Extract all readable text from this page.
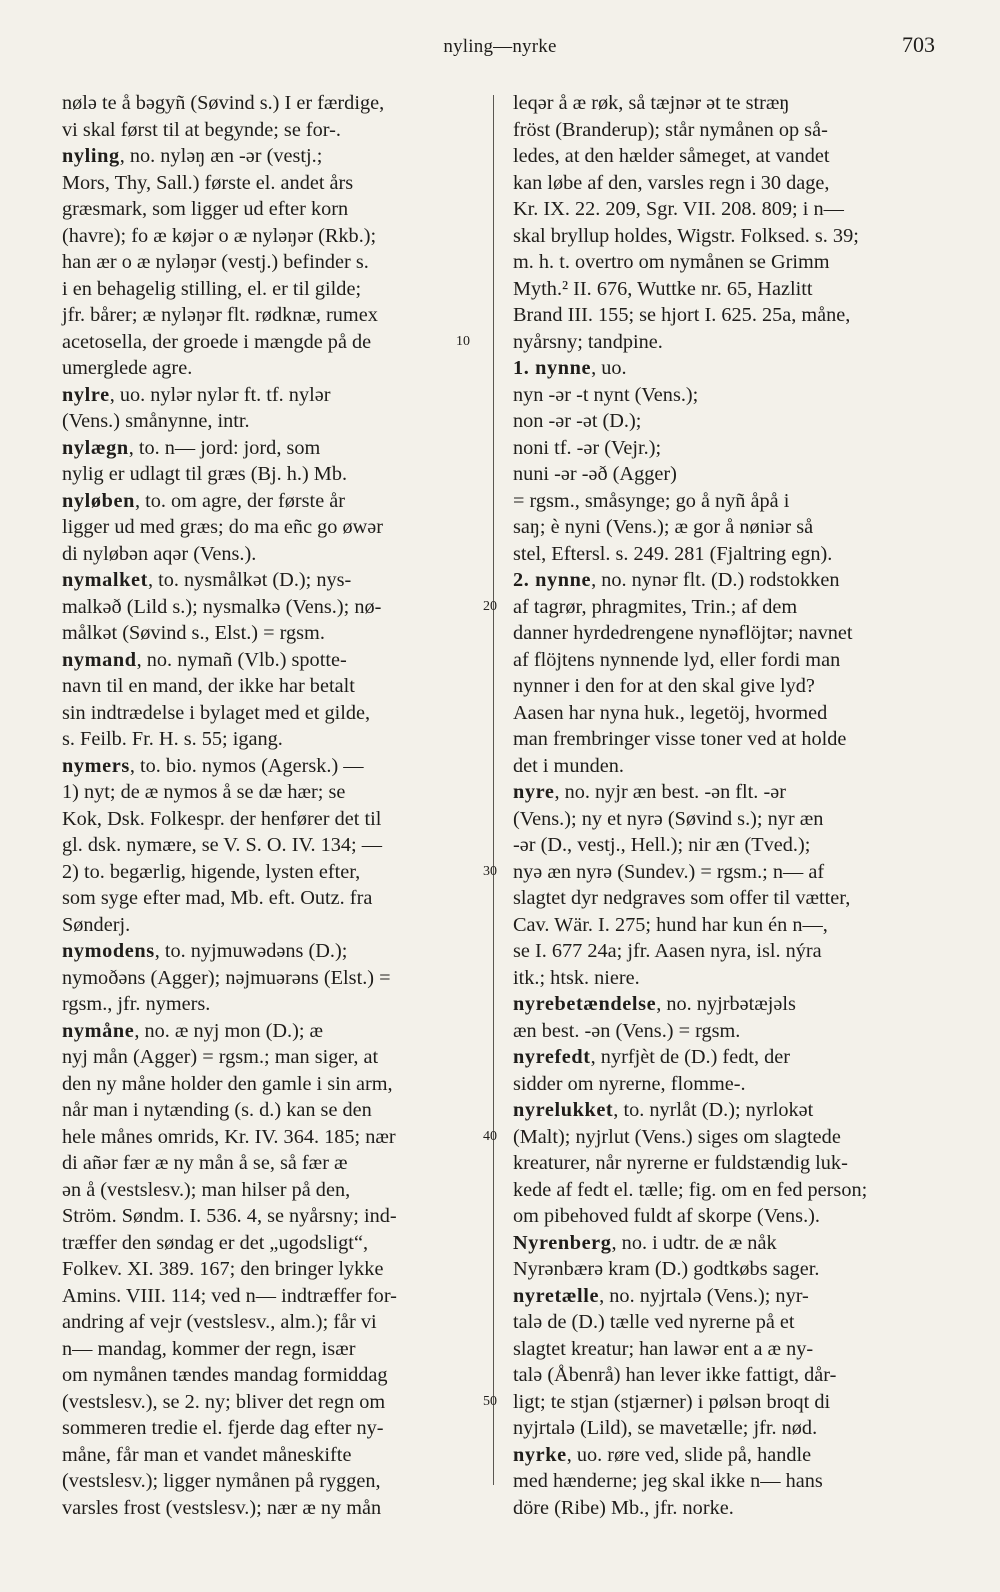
nyling—nyrke	703
nølə te å bəgyñ (Søvind s.) I er færdige,
vi skal først til at begynde; se for-.
nyling, no. nyləŋ æn -ər (vestj.;
Mors, Thy, Sall.) første el. andet års
græsmark, som ligger ud efter korn
(havre); fo æ køjər o æ nyləŋər (Rkb.);
han ær o æ nyləŋər (vestj.) befinder s.
i en behagelig stilling, el. er til gilde;
jfr. bårer; æ nyləŋər flt. rødknæ, rumex
acetosella, der groede i mængde på de	10
umerglede agre.
nylre, uo. nylər nylər ft. tf. nylər
(Vens.) smånynne, intr.
nylægn, to. n— jord: jord, som
nylig er udlagt til græs (Bj. h.) Mb.
nyløben, to. om agre, der første år
ligger ud med græs; do ma eñc go øwər
di nyløbən aqər (Vens.).
nymalket, to. nysmålkət (D.); nys-
malkəð (Lild s.); nysmalkə (Vens.); nø-
målkət (Søvind s., Elst.) = rgsm.
nymand, no. nymañ (Vlb.) spotte-
navn til en mand, der ikke har betalt
sin indtrædelse i bylaget med et gilde,
s. Feilb. Fr. H. s. 55; igang.
nymers, to. bio. nymos (Agersk.) —
1) nyt; de æ nymos å se dæ hær; se
Kok, Dsk. Folkespr. der henfører det til
gl. dsk. nymære, se V. S. O. IV. 134; —
2) to. begærlig, higende, lysten efter,
som syge efter mad, Mb. eft. Outz. fra
Sønderj.
nymodens, to. nyjmuwədəns (D.);
nymoðəns (Agger); nəjmuərəns (Elst.) =
rgsm., jfr. nymers.
nymåne, no. æ nyj mon (D.); æ
nyj mån (Agger) = rgsm.; man siger, at
den ny måne holder den gamle i sin arm,
når man i nytænding (s. d.) kan se den
hele månes omrids, Kr. IV. 364. 185; nær
di añər fær æ ny mån å se, så fær æ
ən å (vestslesv.); man hilser på den,
Ström. Søndm. I. 536. 4, se nyårsny; ind-
træffer den søndag er det „ugodsligt“,
Folkev. XI. 389. 167; den bringer lykke
Amins. VIII. 114; ved n— indtræffer for-
andring af vejr (vestslesv., alm.); får vi
n— mandag, kommer der regn, især
om nymånen tændes mandag formiddag
(vestslesv.), se 2. ny; bliver det regn om
sommeren tredie el. fjerde dag efter ny-
måne, får man et vandet måneskifte
(vestslesv.); ligger nymånen på ryggen,
varsles frost (vestslesv.); nær æ ny mån
leqər å æ røk, så tæjnər ət te stræŋ
fröst (Branderup); står nymånen op så-
ledes, at den hælder såmeget, at vandet
kan løbe af den, varsles regn i 30 dage,
Kr. IX. 22. 209, Sgr. VII. 208. 809; i n—
skal bryllup holdes, Wigstr. Folksed. s. 39;
m. h. t. overtro om nymånen se Grimm
Myth.² II. 676, Wuttke nr. 65, Hazlitt
Brand III. 155; se hjort I. 625. 25a, måne,
nyårsny; tandpine.
1. nynne, uo.
nyn -ər -t nynt (Vens.);
non -ər -ət (D.);
noni tf. -ər (Vejr.);
nuni -ər -əð (Agger)
= rgsm., småsynge; go å nyñ åpå i
saŋ; è nyni (Vens.); æ gor å nøniər så
stel, Eftersl. s. 249. 281 (Fjaltring egn).
2. nynne, no. nynər flt. (D.) rodstokken
af tagrør, phragmites, Trin.; af dem
20
danner hyrdedrengene nynəflöjtər; navnet
af flöjtens nynnende lyd, eller fordi man
nynner i den for at den skal give lyd?
Aasen har nyna huk., legetöj, hvormed
man frembringer visse toner ved at holde
det i munden.
nyre, no. nyjr æn best. -ən flt. -ər
(Vens.); ny et nyrə (Søvind s.); nyr æn
-ər (D., vestj., Hell.); nir æn (Tved.);
nyə æn nyrə (Sundev.) = rgsm.; n— af
30
slagtet dyr nedgraves som offer til vætter,
Cav. Wär. I. 275; hund har kun én n—,
se I. 677 24a; jfr. Aasen nyra, isl. nýra
itk.; htsk. niere.
nyrebetændelse, no. nyjrbətæjəls
æn best. -ən (Vens.) = rgsm.
nyrefedt, nyrfjèt de (D.) fedt, der
sidder om nyrerne, flomme-.
nyrelukket, to. nyrlåt (D.); nyrlokət
(Malt); nyjrlut (Vens.) siges om slagtede
40
kreaturer, når nyrerne er fuldstændig luk-
kede af fedt el. tælle; fig. om en fed person;
om pibehoved fuldt af skorpe (Vens.).
Nyrenberg, no. i udtr. de æ nåk
Nyrənbærə kram (D.) godtkøbs sager.
nyretælle, no. nyjrtalə (Vens.); nyr-
talə de (D.) tælle ved nyrerne på et
slagtet kreatur; han lawər ent a æ ny-
talə (Åbenrå) han lever ikke fattigt, dår-
ligt; te stjan (stjærner) i pølsən broqt di
50
nyjrtalə (Lild), se mavetælle; jfr. nød.
nyrke, uo. røre ved, slide på, handle
med hænderne; jeg skal ikke n— hans
döre (Ribe) Mb., jfr. norke.
